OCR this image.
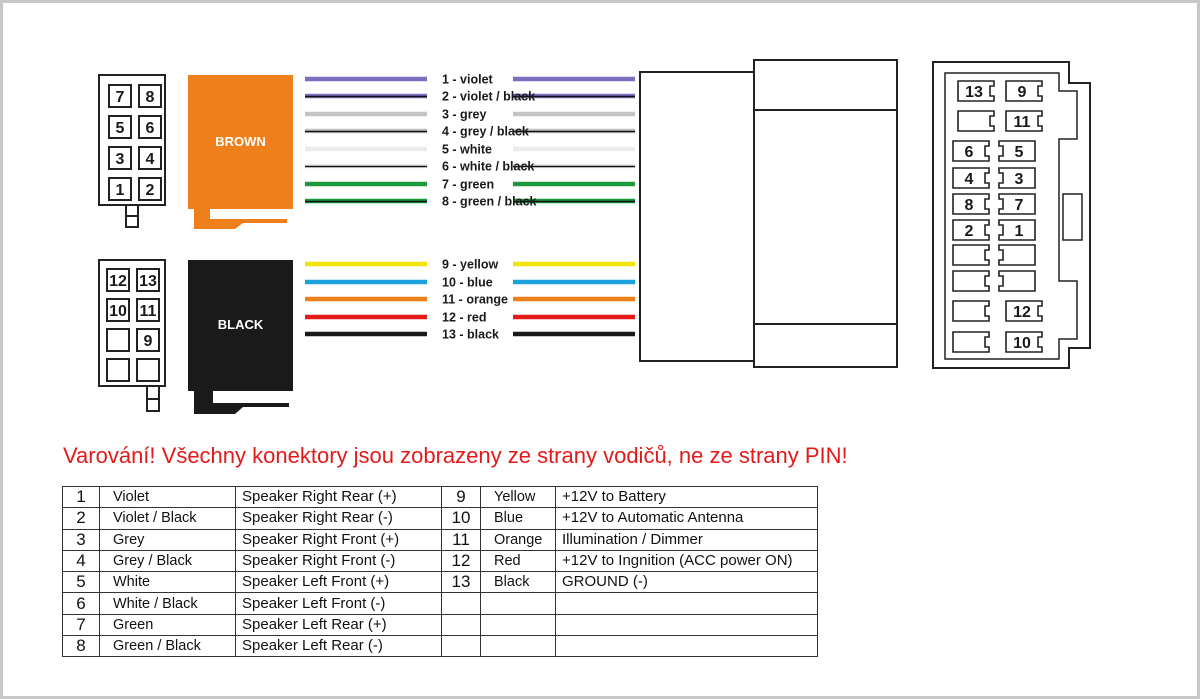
7 8
5 6
3 4
1 2
BROWN
12 13
10 11
9
BLACK
1 - violet
2 - violet / black
3 - grey
4 - grey / black
5 - white
6 - white / black
7 - green
8 - green / black
9 - yellow
10 - blue
11 - orange
12 - red
13 - black
13
6
4
8
2
9
11
5
3
7
1
12
10
Varování! Všechny konektory jsou zobrazeny ze strany vodičů, ne ze strany PIN!
1	Violet	Speaker Right Rear (+)	9	Yellow	+12V to Battery
2	Violet / Black	Speaker Right Rear (-)	10	Blue	+12V to Automatic Antenna
3	Grey	Speaker Right Front (+)	11	Orange	Illumination / Dimmer
4	Grey / Black	Speaker Right Front (-)	12	Red	+12V to Ingnition (ACC power ON)
5	White	Speaker Left Front (+)	13	Black	GROUND (-)
6	White / Black	Speaker Left Front (-)			
7	Green	Speaker Left Rear (+)			
8	Green / Black	Speaker Left Rear (-)			
